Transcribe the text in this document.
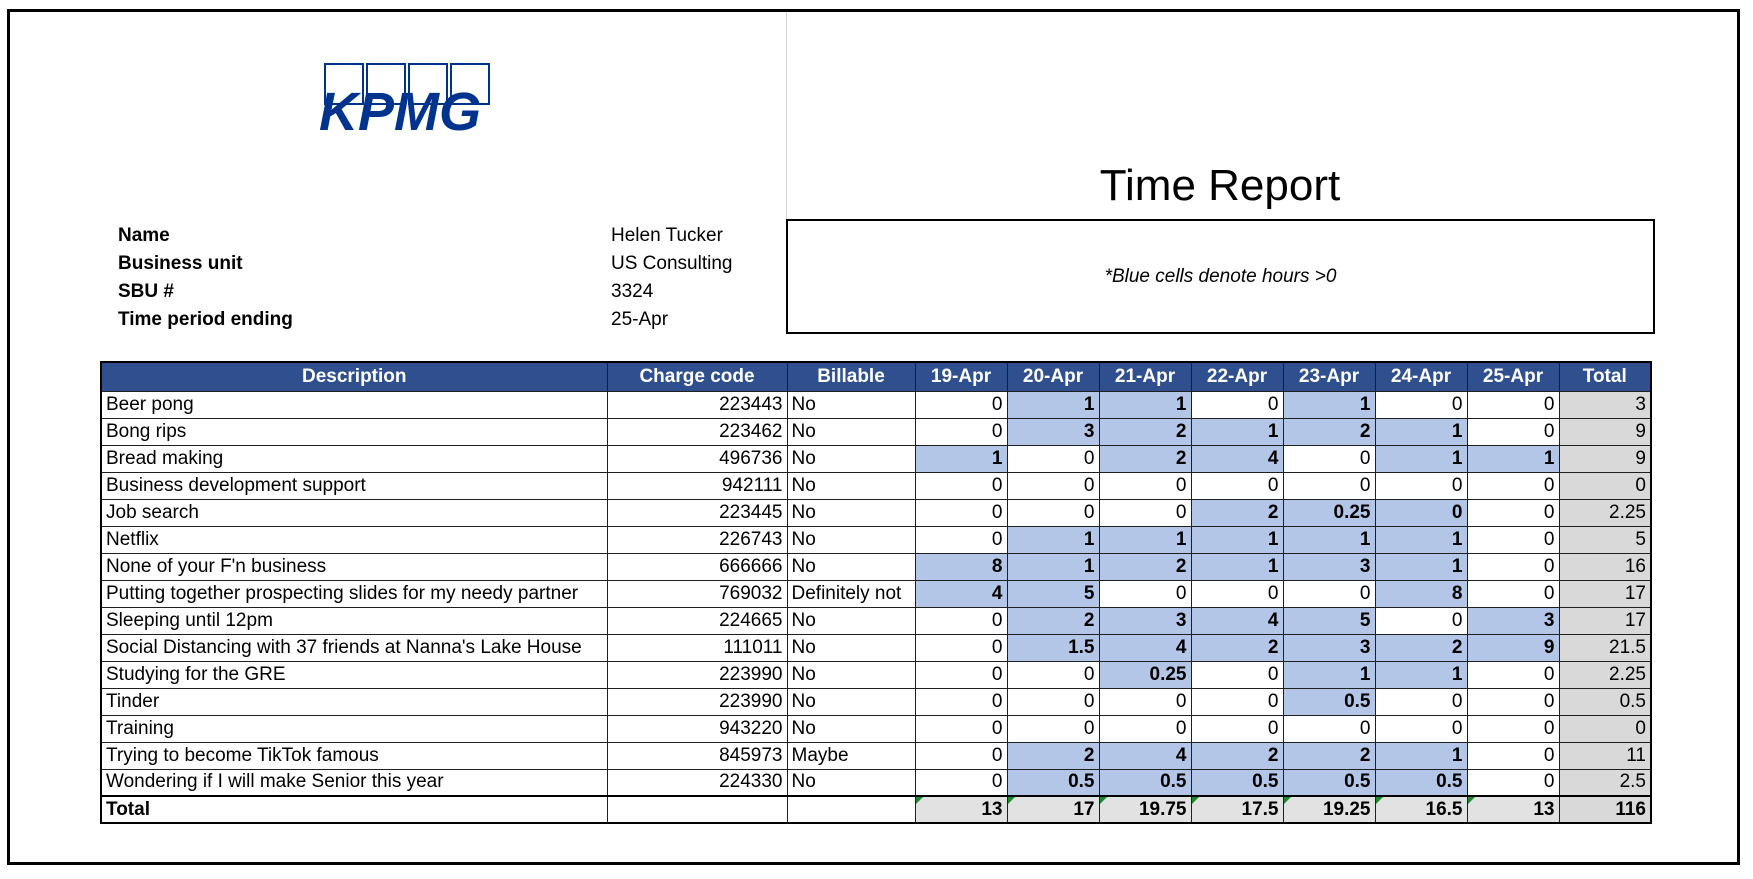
KPMG
Time Report
*Blue cells denote hours >0
Name	Helen Tucker
Business unit	US Consulting
SBU #	3324
Time period ending	25-Apr
Description	Charge code	Billable	19-Apr	20-Apr	21-Apr	22-Apr	23-Apr	24-Apr	25-Apr	Total
Beer pong	223443	No	0	1	1	0	1	0	0	3
Bong rips	223462	No	0	3	2	1	2	1	0	9
Bread making	496736	No	1	0	2	4	0	1	1	9
Business development support	942111	No	0	0	0	0	0	0	0	0
Job search	223445	No	0	0	0	2	0.25	0	0	2.25
Netflix	226743	No	0	1	1	1	1	1	0	5
None of your F'n business	666666	No	8	1	2	1	3	1	0	16
Putting together prospecting slides for my needy partner	769032	Definitely not	4	5	0	0	0	8	0	17
Sleeping until 12pm	224665	No	0	2	3	4	5	0	3	17
Social Distancing with 37 friends at Nanna's Lake House	111011	No	0	1.5	4	2	3	2	9	21.5
Studying for the GRE	223990	No	0	0	0.25	0	1	1	0	2.25
Tinder	223990	No	0	0	0	0	0.5	0	0	0.5
Training	943220	No	0	0	0	0	0	0	0	0
Trying to become TikTok famous	845973	Maybe	0	2	4	2	2	1	0	11
Wondering if I will make Senior this year	224330	No	0	0.5	0.5	0.5	0.5	0.5	0	2.5
Total			13	17	19.75	17.5	19.25	16.5	13	116
